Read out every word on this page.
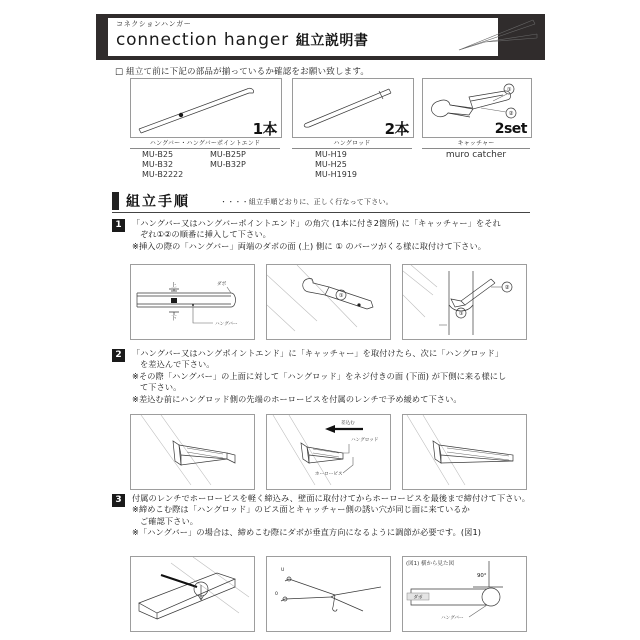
コネクションハンガー
connection hanger 組立説明書
□ 組立て前に下記の部品が揃っているか確認をお願い致します。
1本
ハングバー・ハングバーポイントエンド
MU-B25
MU-B32
MU-B2222
MU-B25P
MU-B32P
2本
ハングロッド
MU-H19
MU-H25
MU-H1919
①
②
2set
キャッチャー
muro catcher
組立手順	・・・・組立手順どおりに、正しく行なって下さい。
1	「ハングバー又はハングバーポイントエンド」の角穴 (1本に付き2箇所) に「キャッチャー」をそれ
ぞれ①②の順番に挿入して下さい。
※挿入の際の「ハングバー」両端のダボの面 (上) 側に ① のパーツがくる様に取付けて下さい。
上
下
ダボ
ハングバー
①
①
②
2	「ハングバー又はハングポイントエンド」に「キャッチャー」を取付けたら、次に「ハングロッド」
を差込んで下さい。
※その際「ハングバー」の上面に対して「ハングロッド」をネジ付きの面 (下面) が下側に来る様にし
て下さい。
※差込む前にハングロッド側の先端のホーロービスを付属のレンチで予め緩めて下さい。
差込む
ハングロッド
ホーロービス
3	付属のレンチでホーロービスを軽く締込み、壁面に取付けてからホーロービスを最後まで締付けて下さい。 ※締めこむ際は「ハングロッド」のビス面とキャッチャー側の誘い穴が同じ面に来ているか
ご確認下さい。
※「ハングバー」の場合は、締めこむ際にダボが垂直方向になるように調節が必要です。(図1)
U
0
(図1) 横から見た図
90°
ダボ
ハングバー
